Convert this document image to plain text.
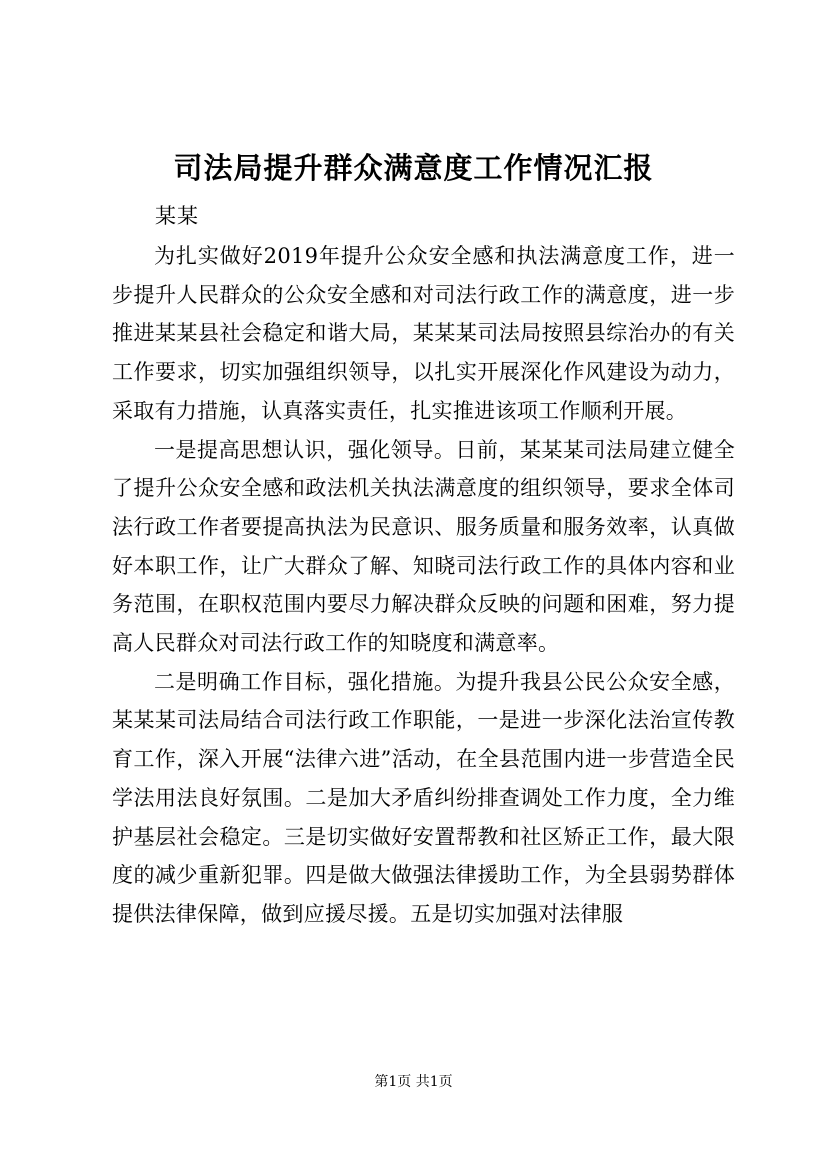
司法局提升群众满意度工作情况汇报

某某

为扎实做好2019年提升公众安全感和执法满意度工作，进一步提升人民群众的公众安全感和对司法行政工作的满意度，进一步推进某某县社会稳定和谐大局，某某某司法局按照县综治办的有关工作要求，切实加强组织领导，以扎实开展深化作风建设为动力，采取有力措施，认真落实责任，扎实推进该项工作顺利开展。

一是提高思想认识，强化领导。日前，某某某司法局建立健全了提升公众安全感和政法机关执法满意度的组织领导，要求全体司法行政工作者要提高执法为民意识、服务质量和服务效率，认真做好本职工作，让广大群众了解、知晓司法行政工作的具体内容和业务范围，在职权范围内要尽力解决群众反映的问题和困难，努力提高人民群众对司法行政工作的知晓度和满意率。

二是明确工作目标，强化措施。为提升我县公民公众安全感，某某某司法局结合司法行政工作职能，一是进一步深化法治宣传教育工作，深入开展“法律六进”活动，在全县范围内进一步营造全民学法用法良好氛围。二是加大矛盾纠纷排查调处工作力度，全力维护基层社会稳定。三是切实做好安置帮教和社区矫正工作，最大限度的减少重新犯罪。四是做大做强法律援助工作，为全县弱势群体提供法律保障，做到应援尽援。五是切实加强对法律服

第1页 共1页
